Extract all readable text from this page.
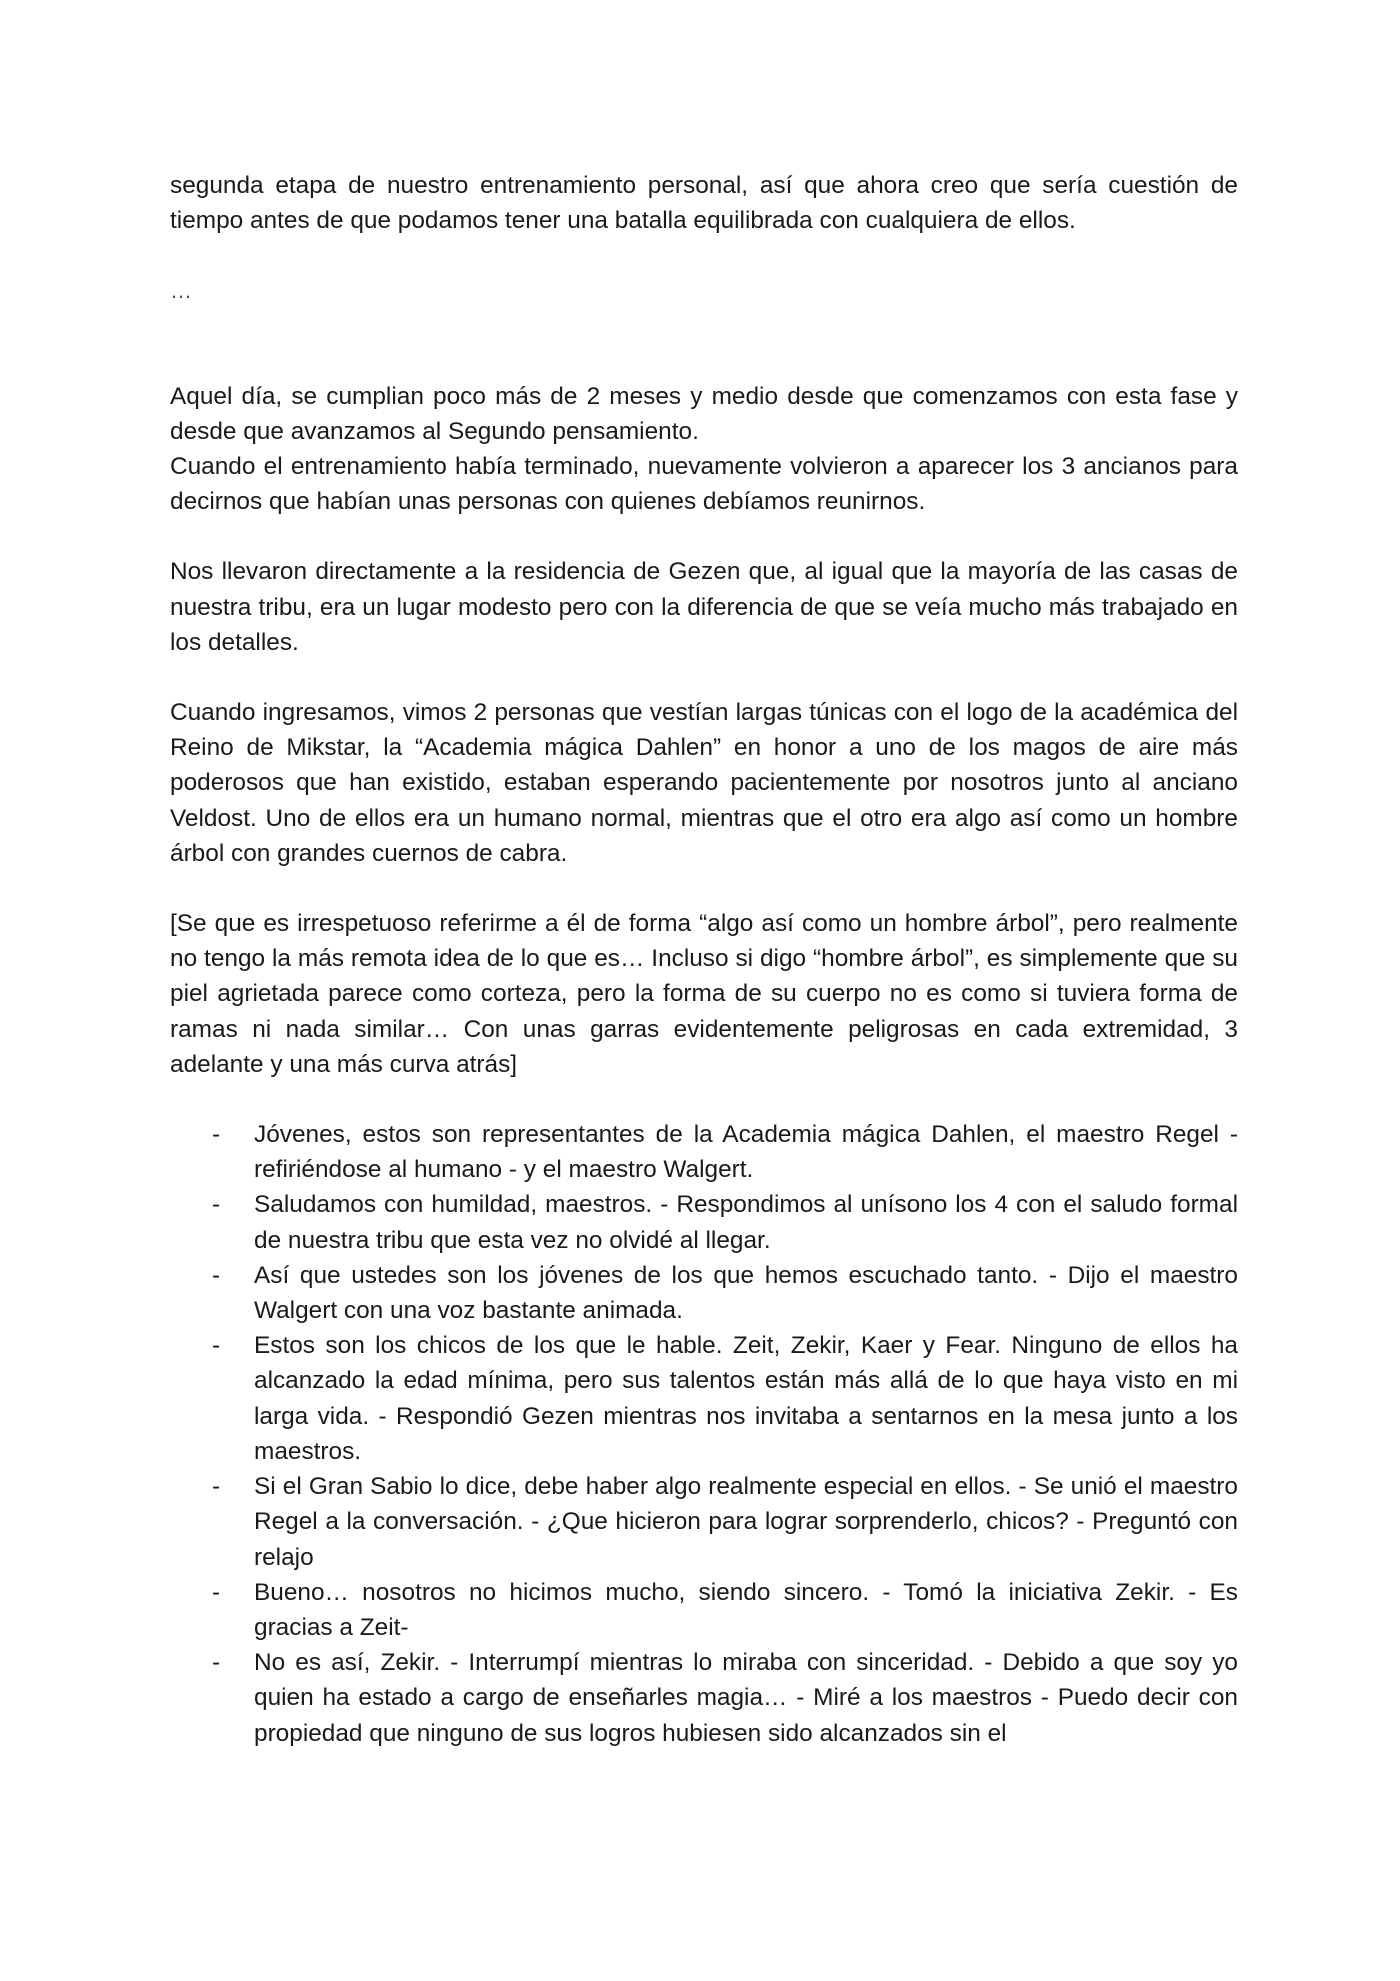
segunda etapa de nuestro entrenamiento personal, así que ahora creo que sería cuestión de tiempo antes de que podamos tener una batalla equilibrada con cualquiera de ellos.

…

Aquel día, se cumplian poco más de 2 meses y medio desde que comenzamos con esta fase y desde que avanzamos al Segundo pensamiento.

Cuando el entrenamiento había terminado, nuevamente volvieron a aparecer los 3 ancianos para decirnos que habían unas personas con quienes debíamos reunirnos.

Nos llevaron directamente a la residencia de Gezen que, al igual que la mayoría de las casas de nuestra tribu, era un lugar modesto pero con la diferencia de que se veía mucho más trabajado en los detalles.

Cuando ingresamos, vimos 2 personas que vestían largas túnicas con el logo de la académica del Reino de Mikstar, la “Academia mágica Dahlen” en honor a uno de los magos de aire más poderosos que han existido, estaban esperando pacientemente por nosotros junto al anciano Veldost. Uno de ellos era un humano normal, mientras que el otro era algo así como un hombre árbol con grandes cuernos de cabra.

[Se que es irrespetuoso referirme a él de forma “algo así como un hombre árbol”, pero realmente no tengo la más remota idea de lo que es… Incluso si digo “hombre árbol”, es simplemente que su piel agrietada parece como corteza, pero la forma de su cuerpo no es como si tuviera forma de ramas ni nada similar… Con unas garras evidentemente peligrosas en cada extremidad, 3 adelante y una más curva atrás]

- Jóvenes, estos son representantes de la Academia mágica Dahlen, el maestro Regel - refiriéndose al humano - y el maestro Walgert.
- Saludamos con humildad, maestros. - Respondimos al unísono los 4 con el saludo formal de nuestra tribu que esta vez no olvidé al llegar.
- Así que ustedes son los jóvenes de los que hemos escuchado tanto. - Dijo el maestro Walgert con una voz bastante animada.
- Estos son los chicos de los que le hable. Zeit, Zekir, Kaer y Fear. Ninguno de ellos ha alcanzado la edad mínima, pero sus talentos están más allá de lo que haya visto en mi larga vida. - Respondió Gezen mientras nos invitaba a sentarnos en la mesa junto a los maestros.
- Si el Gran Sabio lo dice, debe haber algo realmente especial en ellos. - Se unió el maestro Regel a la conversación. - ¿Que hicieron para lograr sorprenderlo, chicos? - Preguntó con relajo
- Bueno… nosotros no hicimos mucho, siendo sincero. - Tomó la iniciativa Zekir. - Es gracias a Zeit-
- No es así, Zekir. - Interrumpí mientras lo miraba con sinceridad. - Debido a que soy yo quien ha estado a cargo de enseñarles magia… - Miré a los maestros - Puedo decir con propiedad que ninguno de sus logros hubiesen sido alcanzados sin el
